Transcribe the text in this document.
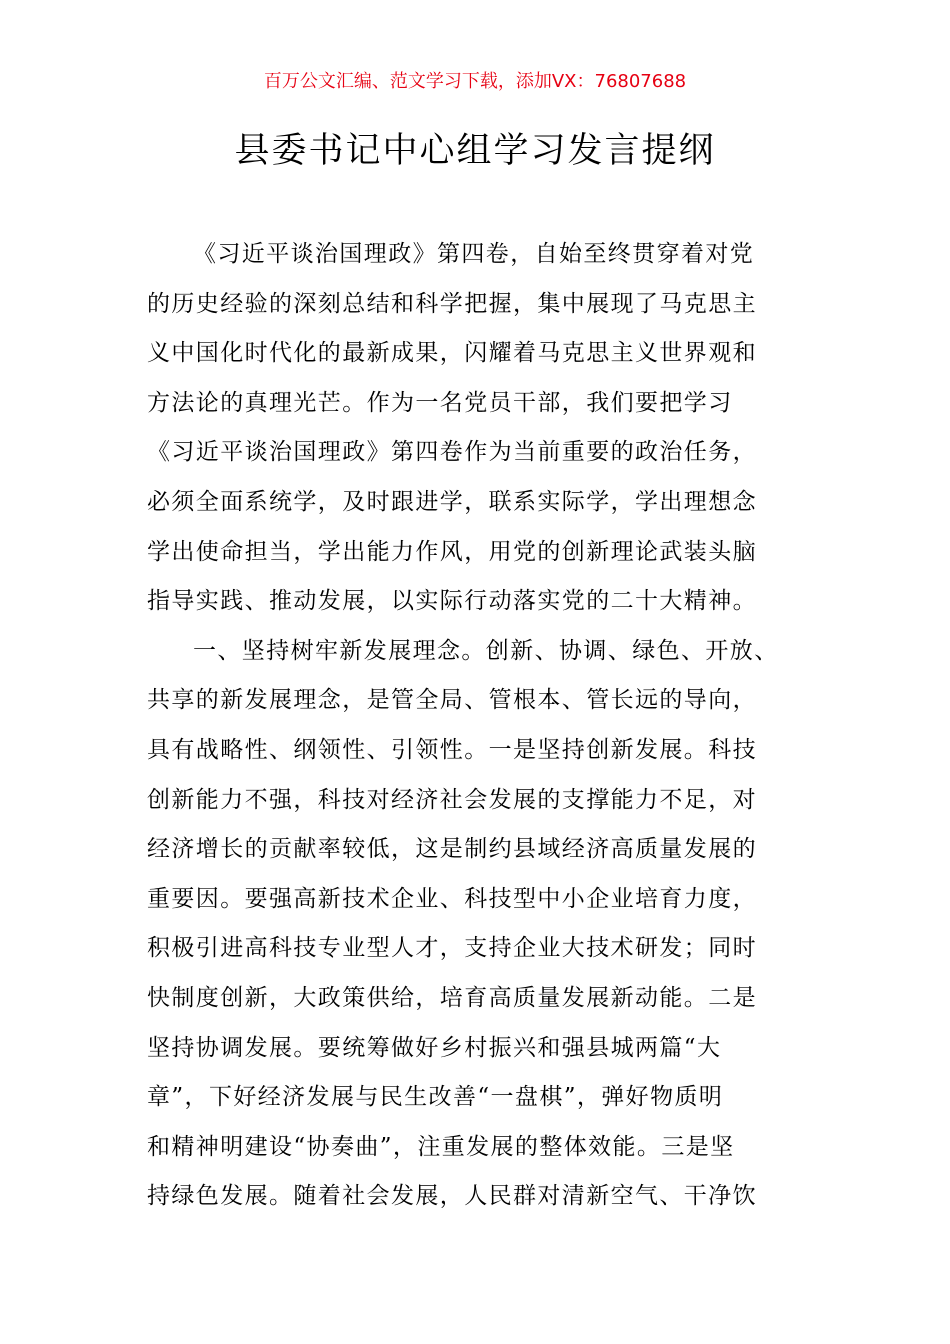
百万公文汇编、范文学习下载，添加VX：76807688
县委书记中心组学习发言提纲
《习近平谈治国理政》第四卷，自始至终贯穿着对党
的历史经验的深刻总结和科学把握，集中展现了马克思主
义中国化时代化的最新成果，闪耀着马克思主义世界观和
方法论的真理光芒。作为一名党员干部，我们要把学习
《习近平谈治国理政》第四卷作为当前重要的政治任务，
必须全面系统学，及时跟进学，联系实际学，学出理想念
学出使命担当，学出能力作风，用党的创新理论武装头脑
指导实践、推动发展，以实际行动落实党的二十大精神。
一、坚持树牢新发展理念。创新、协调、绿色、开放、
共享的新发展理念，是管全局、管根本、管长远的导向，
具有战略性、纲领性、引领性。一是坚持创新发展。科技
创新能力不强，科技对经济社会发展的支撑能力不足，对
经济增长的贡献率较低，这是制约县域经济高质量发展的
重要因。要强高新技术企业、科技型中小企业培育力度，
积极引进高科技专业型人才，支持企业大技术研发；同时
快制度创新，大政策供给，培育高质量发展新动能。二是
坚持协调发展。要统筹做好乡村振兴和强县城两篇“大
章”，下好经济发展与民生改善“一盘棋”，弹好物质明
和精神明建设“协奏曲”，注重发展的整体效能。三是坚
持绿色发展。随着社会发展，人民群对清新空气、干净饮
